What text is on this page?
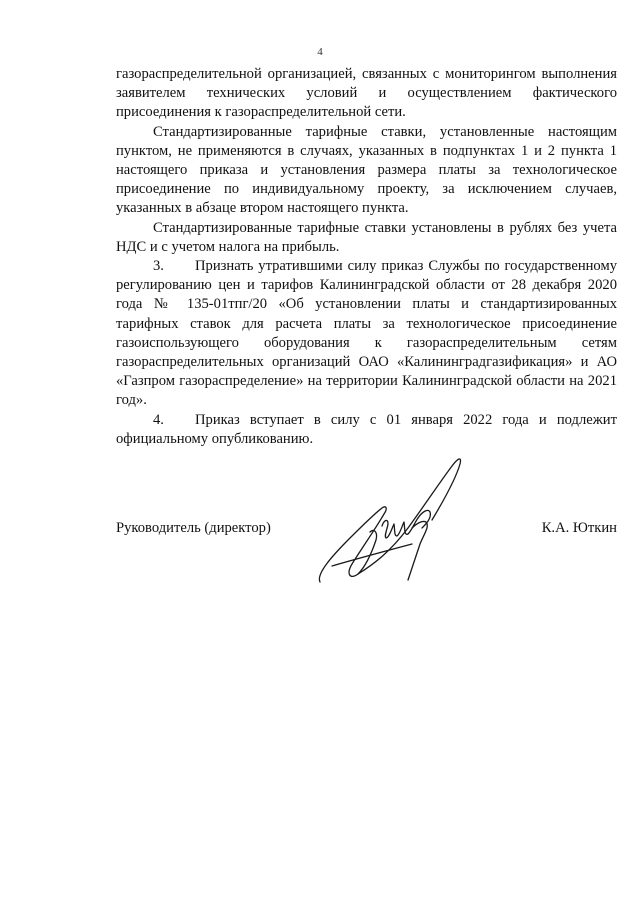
4

газораспределительной организацией, связанных с мониторингом выполнения заявителем технических условий и осуществлением фактического присоединения к газораспределительной сети.

Стандартизированные тарифные ставки, установленные настоящим пунктом, не применяются в случаях, указанных в подпунктах 1 и 2 пункта 1 настоящего приказа и установления размера платы за технологическое присоединение по индивидуальному проекту, за исключением случаев, указанных в абзаце втором настоящего пункта.

Стандартизированные тарифные ставки установлены в рублях без учета НДС и с учетом налога на прибыль.

3. Признать утратившими силу приказ Службы по государственному регулированию цен и тарифов Калининградской области от 28 декабря 2020 года № 135-01тпг/20 «Об установлении платы и стандартизированных тарифных ставок для расчета платы за технологическое присоединение газоиспользующего оборудования к газораспределительным сетям газораспределительных организаций ОАО «Калининградгазификация» и АО «Газпром газораспределение» на территории Калининградской области на 2021 год».

4. Приказ вступает в силу с 01 января 2022 года и подлежит официальному опубликованию.

Руководитель (директор)	К.А. Юткин
